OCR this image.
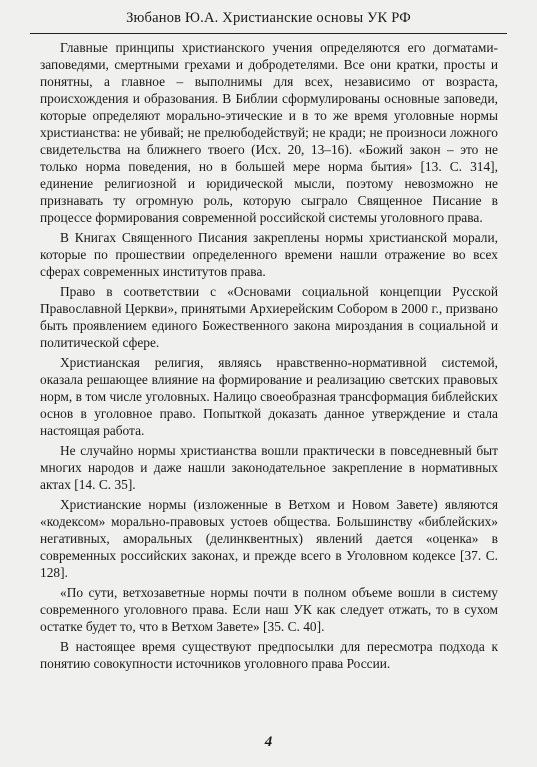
Зюбанов Ю.А. Христианские основы УК РФ

Главные принципы христианского учения определяются его догматами-заповедями, смертными грехами и добродетелями. Все они кратки, просты и понятны, а главное – выполнимы для всех, независимо от возраста, происхождения и образования. В Библии сформулированы основные заповеди, которые определяют морально-этические и в то же время уголовные нормы христианства: не убивай; не прелюбодействуй; не кради; не произноси ложного свидетельства на ближнего твоего (Исх. 20, 13–16). «Божий закон – это не только норма поведения, но в большей мере норма бытия» [13. С. 314], единение религиозной и юридической мысли, поэтому невозможно не признавать ту огромную роль, которую сыграло Священное Писание в процессе формирования современной российской системы уголовного права.

В Книгах Священного Писания закреплены нормы христианской морали, которые по прошествии определенного времени нашли отражение во всех сферах современных институтов права.

Право в соответствии с «Основами социальной концепции Русской Православной Церкви», принятыми Архиерейским Собором в 2000 г., призвано быть проявлением единого Божественного закона мироздания в социальной и политической сфере.

Христианская религия, являясь нравственно-нормативной системой, оказала решающее влияние на формирование и реализацию светских правовых норм, в том числе уголовных. Налицо своеобразная трансформация библейских основ в уголовное право. Попыткой доказать данное утверждение и стала настоящая работа.

Не случайно нормы христианства вошли практически в повседневный быт многих народов и даже нашли законодательное закрепление в нормативных актах [14. С. 35].

Христианские нормы (изложенные в Ветхом и Новом Завете) являются «кодексом» морально-правовых устоев общества. Большинству «библейских» негативных, аморальных (делинквентных) явлений дается «оценка» в современных российских законах, и прежде всего в Уголовном кодексе [37. С. 128].

«По сути, ветхозаветные нормы почти в полном объеме вошли в систему современного уголовного права. Если наш УК как следует отжать, то в сухом остатке будет то, что в Ветхом Завете» [35. С. 40].

В настоящее время существуют предпосылки для пересмотра подхода к понятию совокупности источников уголовного права России.

4
